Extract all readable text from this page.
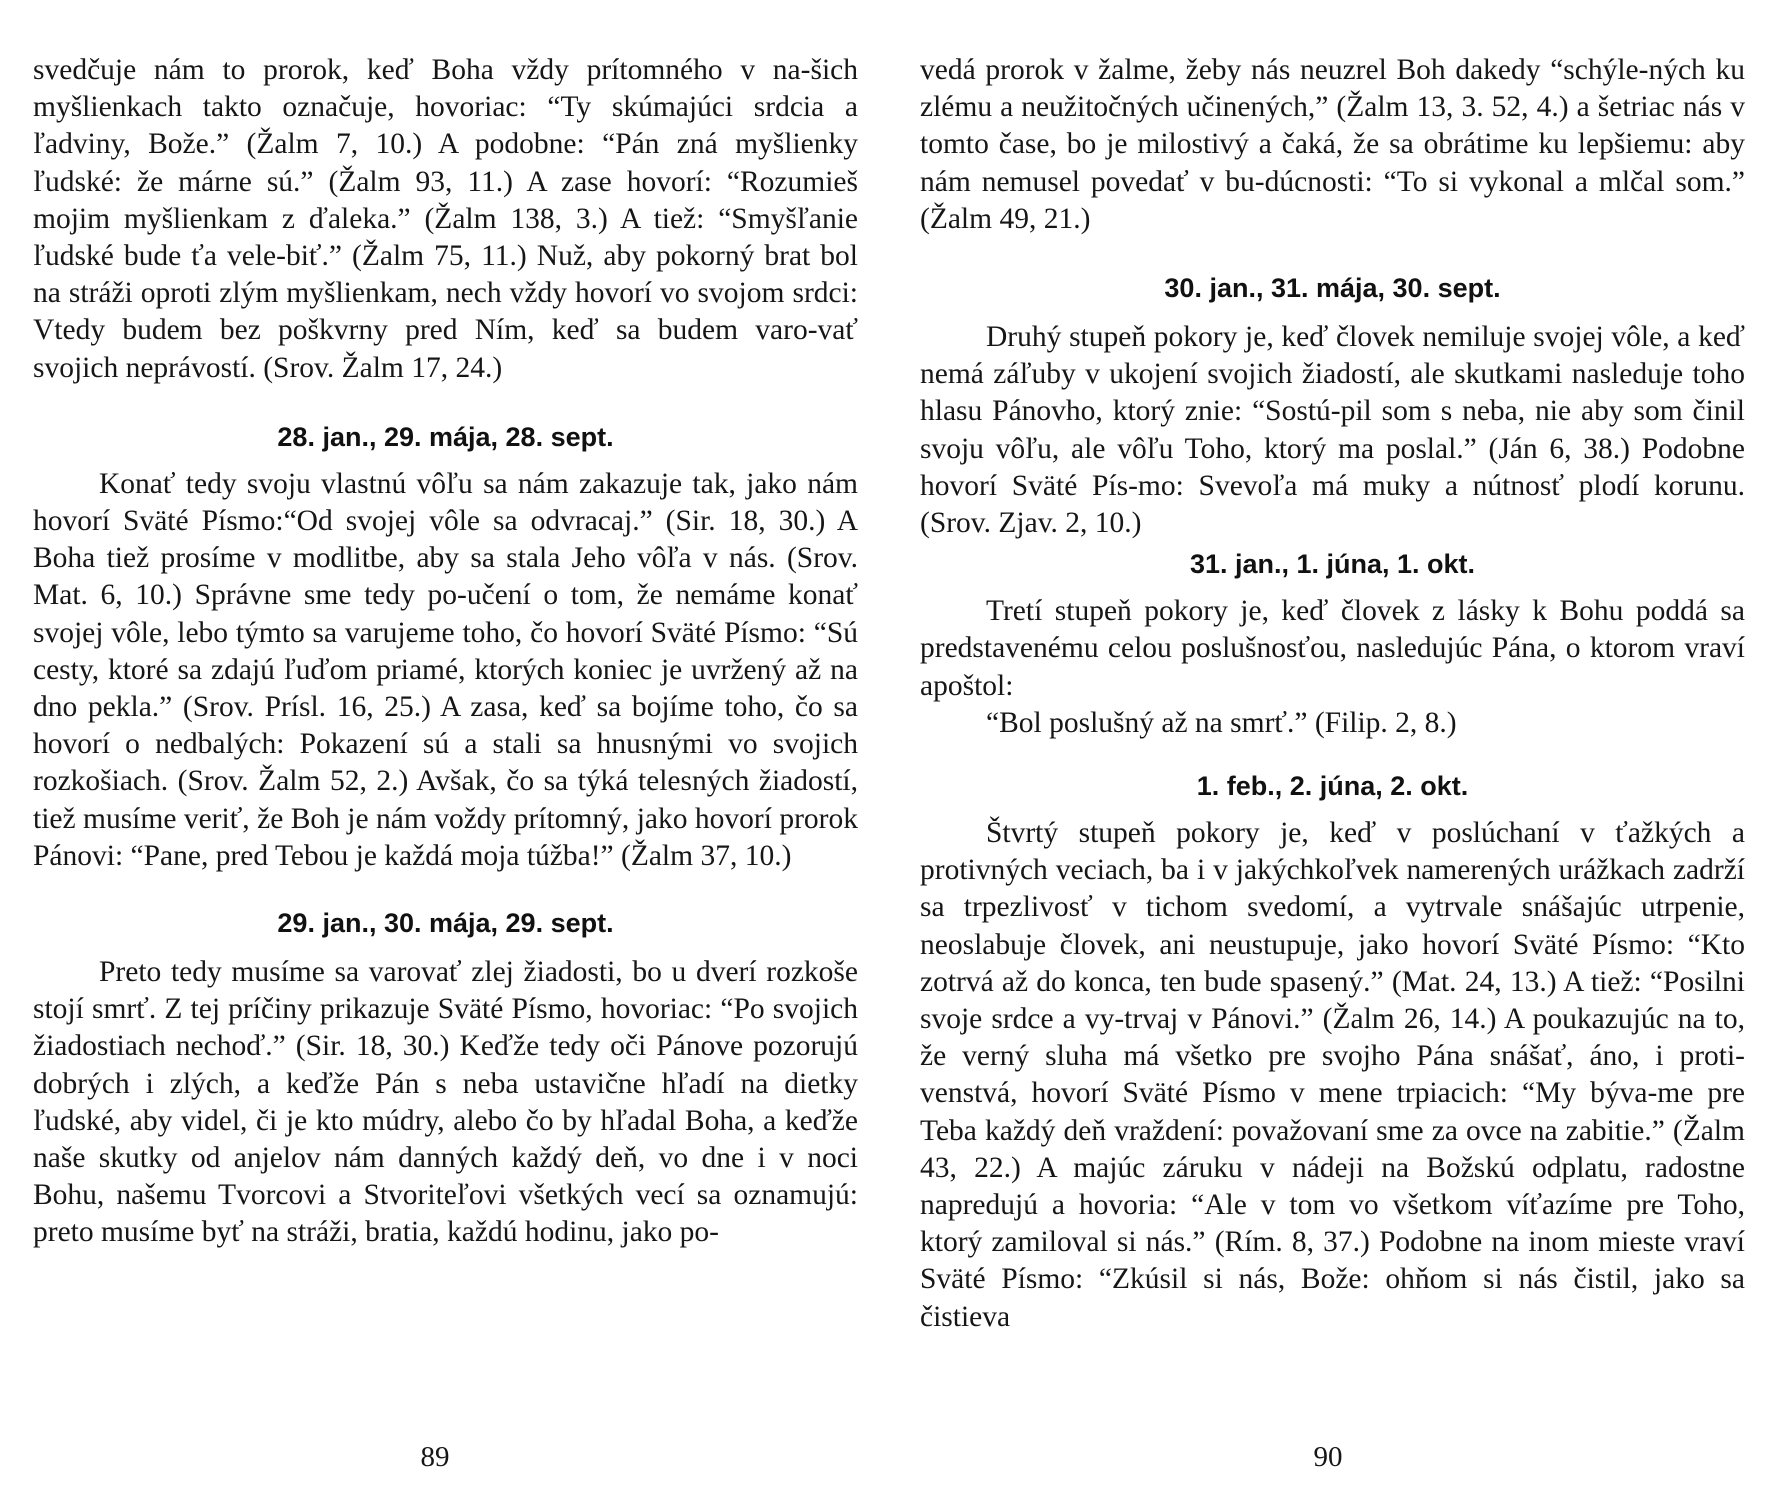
svedčuje nám to prorok, keď Boha vždy prítomného v na-šich myšlienkach takto označuje, hovoriac: “Ty skúmajúci srdcia a ľadviny, Bože.” (Žalm 7, 10.) A podobne: “Pán zná myšlienky ľudské: že márne sú.” (Žalm 93, 11.) A zase hovorí: “Rozumieš mojim myšlienkam z ďaleka.” (Žalm 138, 3.) A tiež: “Smyšľanie ľudské bude ťa vele-biť.” (Žalm 75, 11.) Nuž, aby pokorný brat bol na stráži oproti zlým myšlienkam, nech vždy hovorí vo svojom srdci: Vtedy budem bez poškvrny pred Ním, keď sa budem varo-vať svojich neprávostí. (Srov. Žalm 17, 24.)

28. jan., 29. mája, 28. sept.

Konať tedy svoju vlastnú vôľu sa nám zakazuje tak, jako nám hovorí Sväté Písmo:“Od svojej vôle sa odvracaj.” (Sir. 18, 30.) A Boha tiež prosíme v modlitbe, aby sa stala Jeho vôľa v nás. (Srov. Mat. 6, 10.) Správne sme tedy po-učení o tom, že nemáme konať svojej vôle, lebo týmto sa varujeme toho, čo hovorí Sväté Písmo: “Sú cesty, ktoré sa zdajú ľuďom priamé, ktorých koniec je uvržený až na dno pekla.” (Srov. Prísl. 16, 25.) A zasa, keď sa bojíme toho, čo sa hovorí o nedbalých: Pokazení sú a stali sa hnusnými vo svojich rozkošiach. (Srov. Žalm 52, 2.) Avšak, čo sa týká telesných žiadostí, tiež musíme veriť, že Boh je nám voždy prítomný, jako hovorí prorok Pánovi: “Pane, pred Tebou je každá moja túžba!” (Žalm 37, 10.)

29. jan., 30. mája, 29. sept.

Preto tedy musíme sa varovať zlej žiadosti, bo u dverí rozkoše stojí smrť. Z tej príčiny prikazuje Sväté Písmo, hovoriac: “Po svojich žiadostiach nechoď.” (Sir. 18, 30.) Keďže tedy oči Pánove pozorujú dobrých i zlých, a keďže Pán s neba ustavične hľadí na dietky ľudské, aby videl, či je kto múdry, alebo čo by hľadal Boha, a keďže naše skutky od anjelov nám danných každý deň, vo dne i v noci Bohu, našemu Tvorcovi a Stvoriteľovi všetkých vecí sa oznamujú: preto musíme byť na stráži, bratia, každú hodinu, jako po-

89

vedá prorok v žalme, žeby nás neuzrel Boh dakedy “schýle-ných ku zlému a neužitočných učinených,” (Žalm 13, 3. 52, 4.) a šetriac nás v tomto čase, bo je milostivý a čaká, že sa obrátime ku lepšiemu: aby nám nemusel povedať v bu-dúcnosti: “To si vykonal a mlčal som.” (Žalm 49, 21.)

30. jan., 31. mája, 30. sept.

Druhý stupeň pokory je, keď človek nemiluje svojej vôle, a keď nemá záľuby v ukojení svojich žiadostí, ale skutkami nasleduje toho hlasu Pánovho, ktorý znie: “Sostú-pil som s neba, nie aby som činil svoju vôľu, ale vôľu Toho, ktorý ma poslal.” (Ján 6, 38.) Podobne hovorí Sväté Pís-mo: Svevoľa má muky a nútnosť plodí korunu. (Srov. Zjav. 2, 10.)

31. jan., 1. júna, 1. okt.

Tretí stupeň pokory je, keď človek z lásky k Bohu poddá sa predstavenému celou poslušnosťou, nasledujúc Pána, o ktorom vraví apoštol:

“Bol poslušný až na smrť.” (Filip. 2, 8.)

1. feb., 2. júna, 2. okt.

Štvrtý stupeň pokory je, keď v poslúchaní v ťažkých a protivných veciach, ba i v jakýchkoľvek namerených urážkach zadrží sa trpezlivosť v tichom svedomí, a vytrvale snášajúc utrpenie, neoslabuje človek, ani neustupuje, jako hovorí Sväté Písmo: “Kto zotrvá až do konca, ten bude spasený.” (Mat. 24, 13.) A tiež: “Posilni svoje srdce a vy-trvaj v Pánovi.” (Žalm 26, 14.) A poukazujúc na to, že verný sluha má všetko pre svojho Pána snášať, áno, i proti-venstvá, hovorí Sväté Písmo v mene trpiacich: “My býva-me pre Teba každý deň vraždení: považovaní sme za ovce na zabitie.” (Žalm 43, 22.) A majúc záruku v nádeji na Božskú odplatu, radostne napredujú a hovoria: “Ale v tom vo všetkom víťazíme pre Toho, ktorý zamiloval si nás.” (Rím. 8, 37.) Podobne na inom mieste vraví Sväté Písmo: “Zkúsil si nás, Bože: ohňom si nás čistil, jako sa čistieva

90
